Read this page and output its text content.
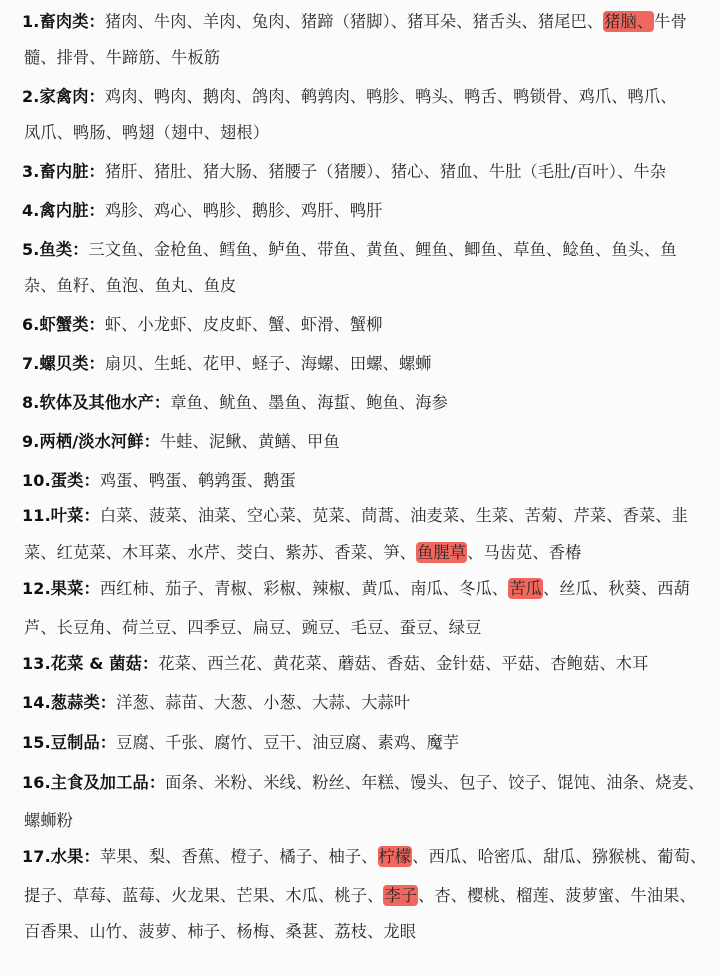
1.畜肉类：猪肉、牛肉、羊肉、兔肉、猪蹄（猪脚）、猪耳朵、猪舌头、猪尾巴、猪脑、牛骨
髓、排骨、牛蹄筋、牛板筋
2.家禽肉：鸡肉、鸭肉、鹅肉、鸽肉、鹌鹑肉、鸭胗、鸭头、鸭舌、鸭锁骨、鸡爪、鸭爪、
凤爪、鸭肠、鸭翅（翅中、翅根）
3.畜内脏：猪肝、猪肚、猪大肠、猪腰子（猪腰）、猪心、猪血、牛肚（毛肚/百叶）、牛杂
4.禽内脏：鸡胗、鸡心、鸭胗、鹅胗、鸡肝、鸭肝
5.鱼类：三文鱼、金枪鱼、鳕鱼、鲈鱼、带鱼、黄鱼、鲤鱼、鲫鱼、草鱼、鲶鱼、鱼头、鱼
杂、鱼籽、鱼泡、鱼丸、鱼皮
6.虾蟹类：虾、小龙虾、皮皮虾、蟹、虾滑、蟹柳
7.螺贝类：扇贝、生蚝、花甲、蛏子、海螺、田螺、螺蛳
8.软体及其他水产：章鱼、鱿鱼、墨鱼、海蜇、鲍鱼、海参
9.两栖/淡水河鲜：牛蛙、泥鳅、黄鳝、甲鱼
10.蛋类：鸡蛋、鸭蛋、鹌鹑蛋、鹅蛋
11.叶菜：白菜、菠菜、油菜、空心菜、苋菜、茼蒿、油麦菜、生菜、苦菊、芹菜、香菜、韭
菜、红苋菜、木耳菜、水芹、茭白、紫苏、香菜、笋、鱼腥草、马齿苋、香椿
12.果菜：西红柿、茄子、青椒、彩椒、辣椒、黄瓜、南瓜、冬瓜、苦瓜、丝瓜、秋葵、西葫
芦、长豆角、荷兰豆、四季豆、扁豆、豌豆、毛豆、蚕豆、绿豆
13.花菜 & 菌菇：花菜、西兰花、黄花菜、蘑菇、香菇、金针菇、平菇、杏鲍菇、木耳
14.葱蒜类：洋葱、蒜苗、大葱、小葱、大蒜、大蒜叶
15.豆制品：豆腐、千张、腐竹、豆干、油豆腐、素鸡、魔芋
16.主食及加工品：面条、米粉、米线、粉丝、年糕、馒头、包子、饺子、馄饨、油条、烧麦、
螺蛳粉
17.水果：苹果、梨、香蕉、橙子、橘子、柚子、柠檬、西瓜、哈密瓜、甜瓜、猕猴桃、葡萄、
提子、草莓、蓝莓、火龙果、芒果、木瓜、桃子、李子、杏、樱桃、榴莲、菠萝蜜、牛油果、
百香果、山竹、菠萝、柿子、杨梅、桑葚、荔枝、龙眼
